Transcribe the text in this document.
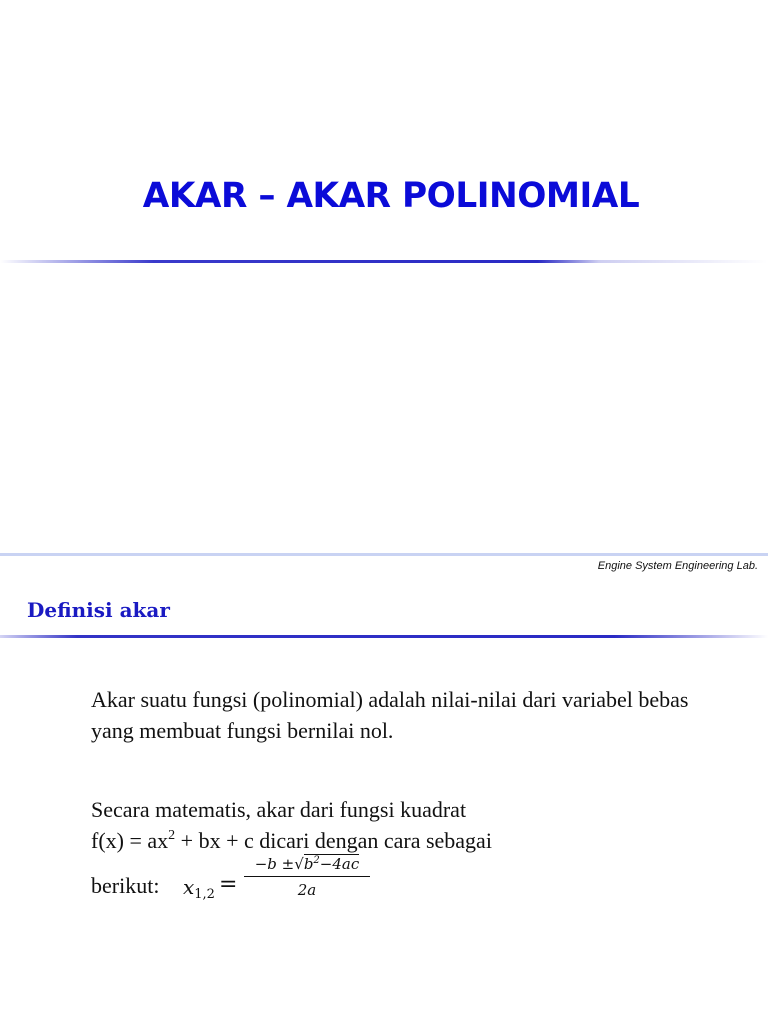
AKAR – AKAR POLINOMIAL
Engine System Engineering Lab.
Definisi akar
Akar suatu fungsi (polinomial) adalah nilai-nilai dari variabel bebas yang membuat fungsi bernilai nol.
Secara matematis, akar dari fungsi kuadrat
$f(x) = ax^2$ + bx + c dicari dengan cara sebagai
berikut: $x_{1,2}$ =
$-b \pm√b^2-4ac$
2a
